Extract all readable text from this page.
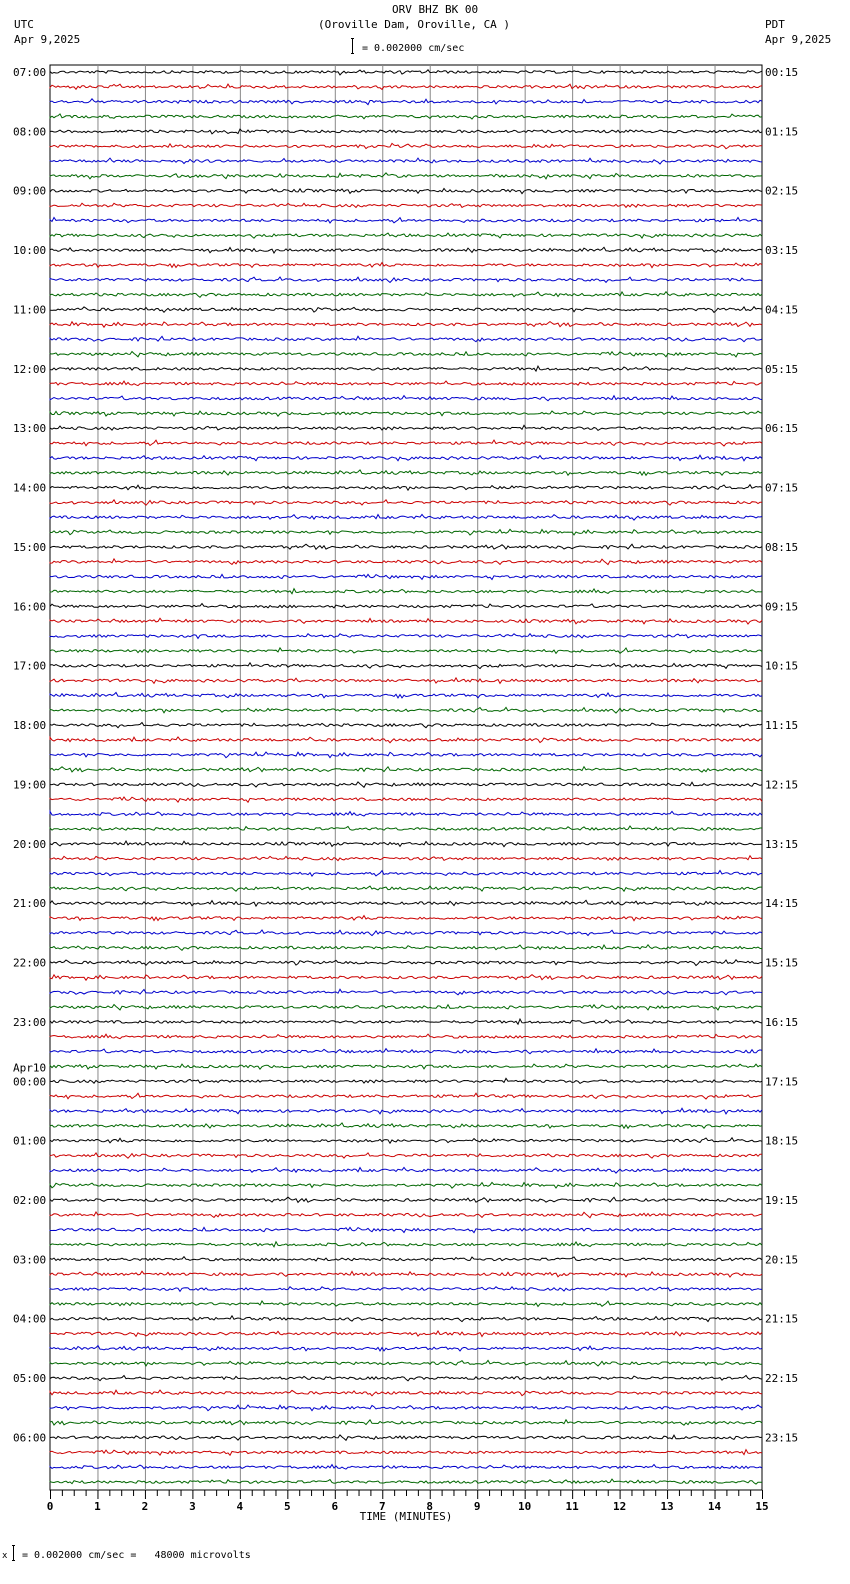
ORV BHZ BK 00
(Oroville Dam, Oroville, CA )
UTC
Apr 9,2025
PDT
Apr 9,2025
= 0.002000 cm/sec
07:00	00:15
08:00	01:15
09:00	02:15
10:00	03:15
11:00	04:15
12:00	05:15
13:00	06:15
14:00	07:15
15:00	08:15
16:00	09:15
17:00	10:15
18:00	11:15
19:00	12:15
20:00	13:15
21:00	14:15
22:00	15:15
23:00	16:15
00:00	17:15
Apr10
01:00	18:15
02:00	19:15
03:00	20:15
04:00	21:15
05:00	22:15
06:00	23:15
0	1	2	3	4	5	6	7	8	9	10	11	12	13	14	15
TIME (MINUTES)
x = 0.002000 cm/sec =   48000 microvolts
